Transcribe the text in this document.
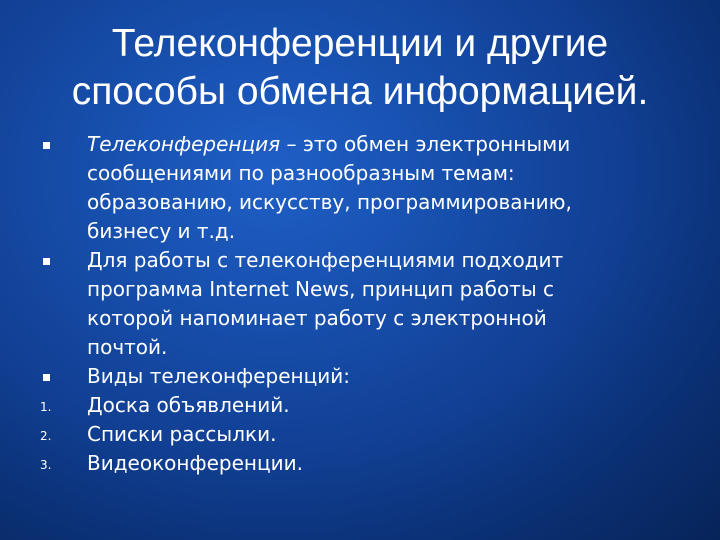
Телеконференции и другие
способы обмена информацией.
Телеконференция – это обмен электронными
сообщениями по разнообразным темам:
образованию, искусству, программированию,
бизнесу и т.д.
Для работы с телеконференциями подходит
программа Internet News, принцип работы с
которой напоминает работу с электронной
почтой.
Виды телеконференций:
1. Доска объявлений.
2. Списки рассылки.
3. Видеоконференции.
